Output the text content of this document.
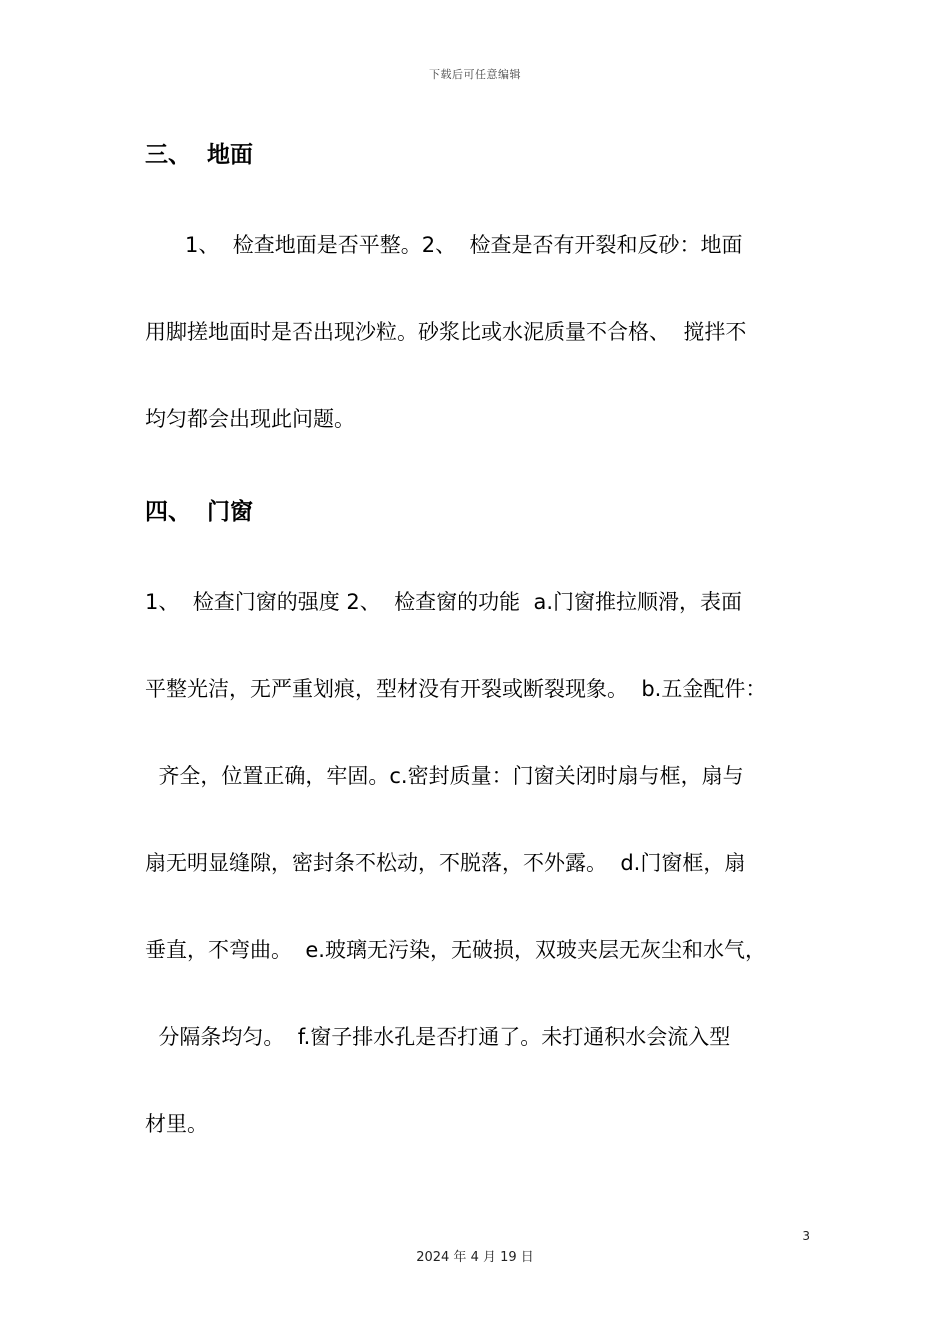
下载后可任意编辑
三、  地面
1、  检查地面是否平整。2、  检查是否有开裂和反砂：地面
用脚搓地面时是否出现沙粒。砂浆比或水泥质量不合格、  搅拌不
均匀都会出现此问题。
四、  门窗
1、  检查门窗的强度 2、  检查窗的功能  a.门窗推拉顺滑，表面
平整光洁，无严重划痕，型材没有开裂或断裂现象。  b.五金配件：
齐全，位置正确，牢固。c.密封质量：门窗关闭时扇与框，扇与
扇无明显缝隙，密封条不松动，不脱落，不外露。  d.门窗框，扇
垂直，不弯曲。  e.玻璃无污染，无破损，双玻夹层无灰尘和水气，
分隔条均匀。  f.窗子排水孔是否打通了。未打通积水会流入型
材里。
3
2024 年 4 月 19 日
